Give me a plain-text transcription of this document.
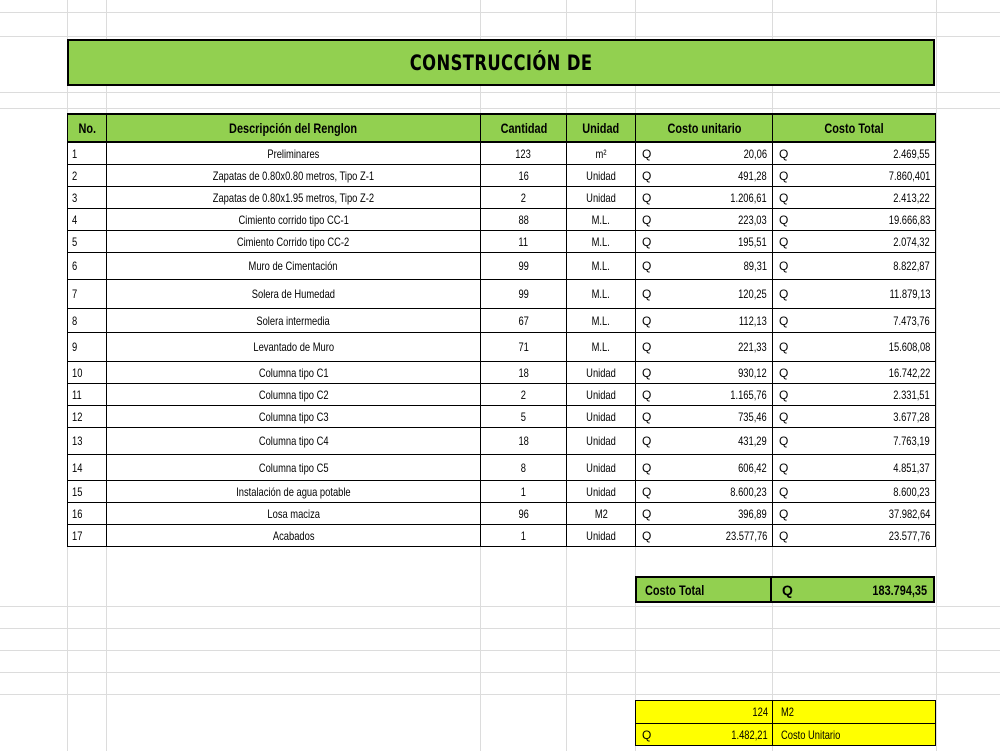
CONSTRUCCIÓN DE
No.	Descripción del Renglon	Cantidad	Unidad	Costo unitario	Costo Total
1	Preliminares	123	m²	Q 20,06	Q 2.469,55

2	Zapatas de 0.80x0.80 metros, Tipo Z-1	16	Unidad	Q 491,28	Q 7.860,401

3	Zapatas de 0.80x1.95 metros, Tipo Z-2	2	Unidad	Q 1.206,61	Q 2.413,22

4	Cimiento corrido tipo CC-1	88	M.L.	Q 223,03	Q 19.666,83

5	Cimiento Corrido tipo CC-2	11	M.L.	Q 195,51	Q 2.074,32

6	Muro de Cimentación	99	M.L.	Q 89,31	Q 8.822,87

7	Solera de Humedad	99	M.L.	Q 120,25	Q 11.879,13

8	Solera intermedia	67	M.L.	Q 112,13	Q 7.473,76

9	Levantado de Muro	71	M.L.	Q 221,33	Q 15.608,08

10	Columna tipo C1	18	Unidad	Q 930,12	Q 16.742,22

11	Columna tipo C2	2	Unidad	Q 1.165,76	Q 2.331,51

12	Columna tipo C3	5	Unidad	Q 735,46	Q 3.677,28

13	Columna tipo C4	18	Unidad	Q 431,29	Q 7.763,19

14	Columna tipo C5	8	Unidad	Q 606,42	Q 4.851,37

15	Instalación de agua potable	1	Unidad	Q 8.600,23	Q 8.600,23

16	Losa maciza	96	M2	Q 396,89	Q 37.982,64

17	Acabados	1	Unidad	Q 23.577,76	Q 23.577,76
Costo Total	Q	183.794,35
124 M2
Q	1.482,21 Costo Unitario
